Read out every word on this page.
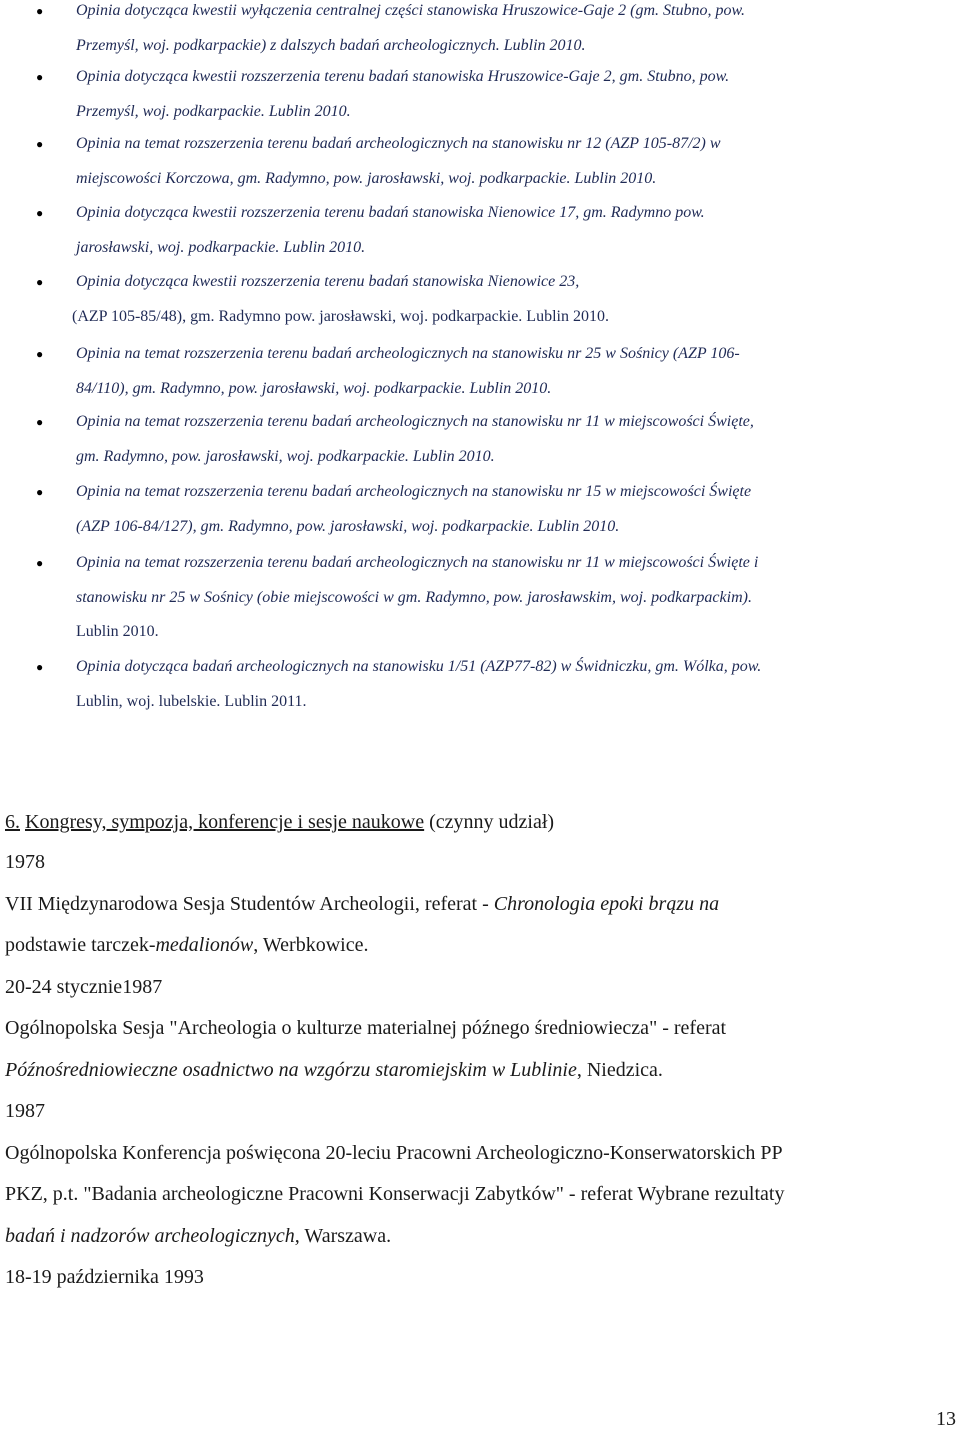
● Opinia dotycząca kwestii wyłączenia centralnej części stanowiska Hruszowice-Gaje 2 (gm. Stubno, pow.
Przemyśl, woj. podkarpackie) z dalszych badań archeologicznych. Lublin 2010.
● Opinia dotycząca kwestii rozszerzenia terenu badań stanowiska Hruszowice-Gaje 2, gm. Stubno, pow.
Przemyśl, woj. podkarpackie. Lublin 2010.
● Opinia na temat rozszerzenia terenu badań archeologicznych na stanowisku nr 12 (AZP 105-87/2) w
miejscowości Korczowa, gm. Radymno, pow. jarosławski, woj. podkarpackie. Lublin 2010.
● Opinia dotycząca kwestii rozszerzenia terenu badań stanowiska Nienowice 17, gm. Radymno pow.
jarosławski, woj. podkarpackie. Lublin 2010.
● Opinia dotycząca kwestii rozszerzenia terenu badań stanowiska Nienowice 23,
(AZP 105-85/48), gm. Radymno pow. jarosławski, woj. podkarpackie. Lublin 2010.
● Opinia na temat rozszerzenia terenu badań archeologicznych na stanowisku nr 25 w Sośnicy (AZP 106-
84/110), gm. Radymno, pow. jarosławski, woj. podkarpackie. Lublin 2010.
● Opinia na temat rozszerzenia terenu badań archeologicznych na stanowisku nr 11 w miejscowości Święte,
gm. Radymno, pow. jarosławski, woj. podkarpackie. Lublin 2010.
● Opinia na temat rozszerzenia terenu badań archeologicznych na stanowisku nr 15 w miejscowości Święte
(AZP 106-84/127), gm. Radymno, pow. jarosławski, woj. podkarpackie. Lublin 2010.
● Opinia na temat rozszerzenia terenu badań archeologicznych na stanowisku nr 11 w miejscowości Święte i
stanowisku nr 25 w Sośnicy (obie miejscowości w gm. Radymno, pow. jarosławskim, woj. podkarpackim).
Lublin 2010.
● Opinia dotycząca badań archeologicznych na stanowisku 1/51 (AZP77-82) w Świdniczku, gm. Wólka, pow.
Lublin, woj. lubelskie. Lublin 2011.
6. Kongresy, sympozja, konferencje i sesje naukowe (czynny udział)
1978
VII Międzynarodowa Sesja Studentów Archeologii, referat - Chronologia epoki brązu na
podstawie tarczek-medalionów, Werbkowice.
20-24 stycznie1987
Ogólnopolska Sesja "Archeologia o kulturze materialnej późnego średniowiecza" - referat
Późnośredniowieczne osadnictwo na wzgórzu staromiejskim w Lublinie, Niedzica.
1987
Ogólnopolska Konferencja poświęcona 20-leciu Pracowni Archeologiczno-Konserwatorskich PP
PKZ, p.t. "Badania archeologiczne Pracowni Konserwacji Zabytków" - referat Wybrane rezultaty
badań i nadzorów archeologicznych, Warszawa.
18-19 października 1993
13
